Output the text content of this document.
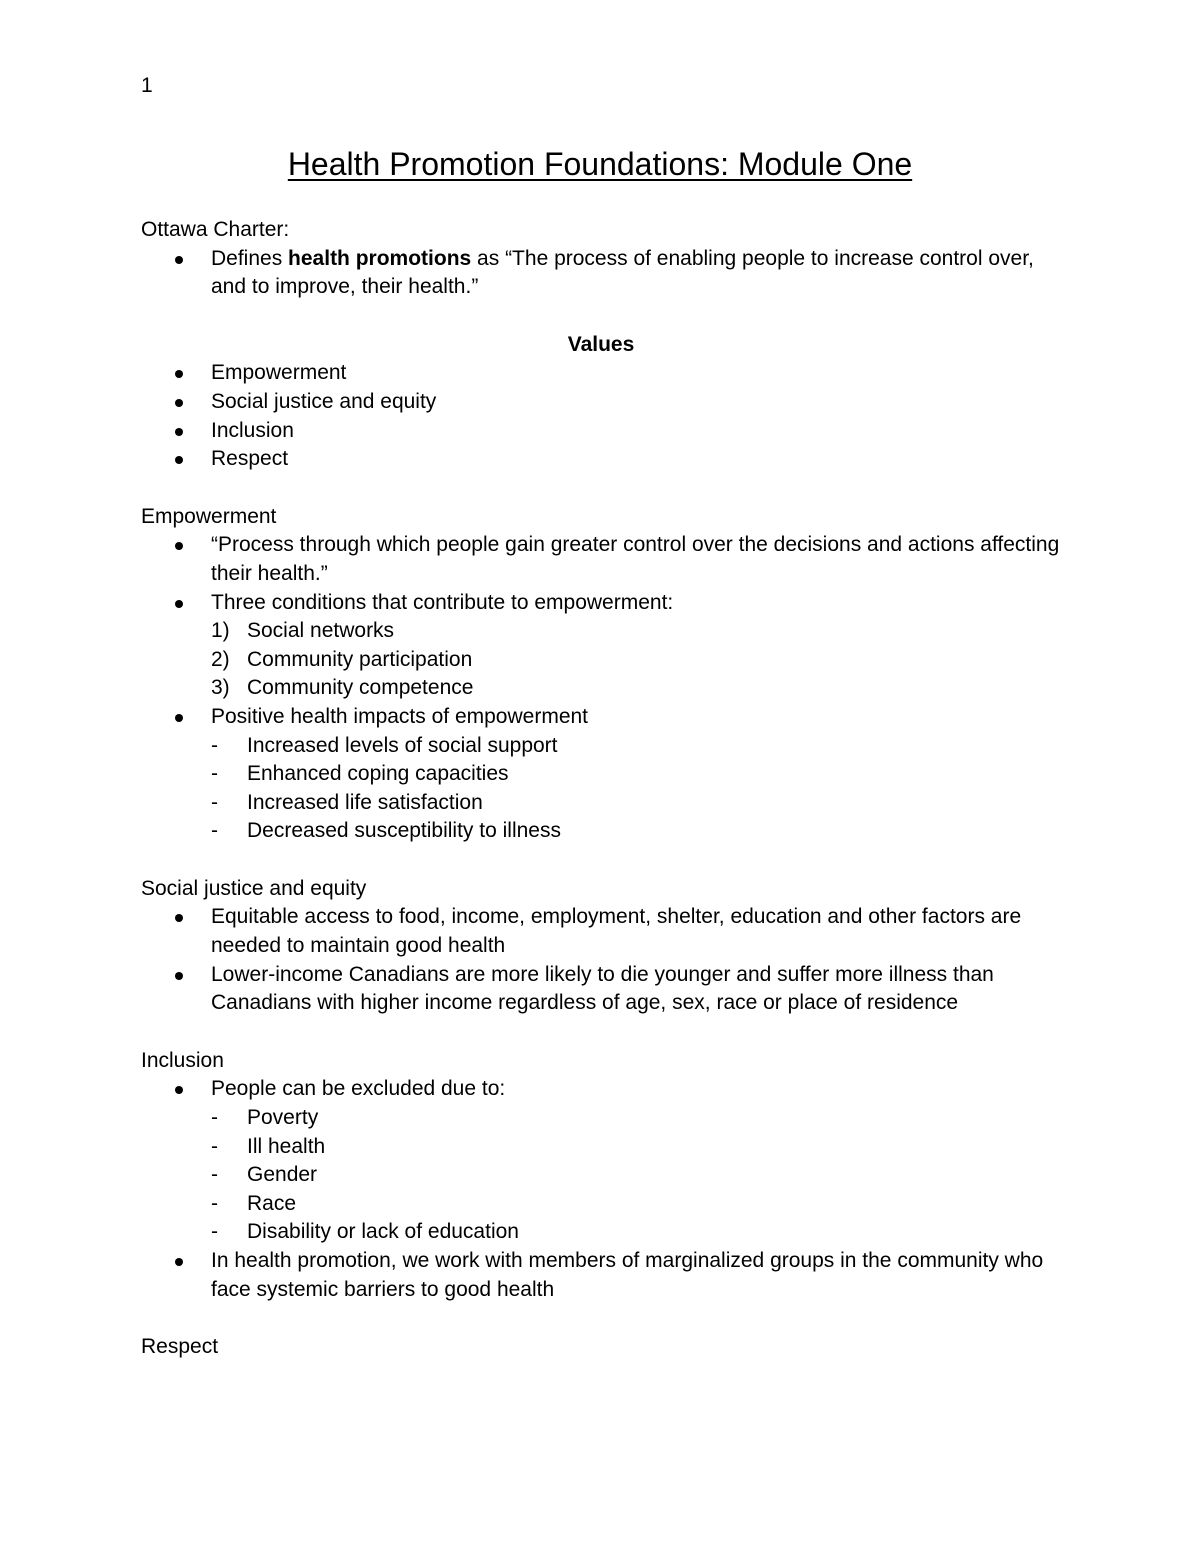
1
Health Promotion Foundations: Module One

Ottawa Charter:

Defines health promotions as “The process of enabling people to increase control over, and to improve, their health.”

Values

Empowerment
Social justice and equity
Inclusion
Respect

Empowerment

“Process through which people gain greater control over the decisions and actions affecting their health.”
Three conditions that contribute to empowerment:
1) Social networks
2) Community participation
3) Community competence
Positive health impacts of empowerment
- Increased levels of social support
- Enhanced coping capacities
- Increased life satisfaction
- Decreased susceptibility to illness

Social justice and equity

Equitable access to food, income, employment, shelter, education and other factors are needed to maintain good health
Lower-income Canadians are more likely to die younger and suffer more illness than Canadians with higher income regardless of age, sex, race or place of residence

Inclusion

People can be excluded due to:
- Poverty
- Ill health
- Gender
- Race
- Disability or lack of education
In health promotion, we work with members of marginalized groups in the community who face systemic barriers to good health

Respect
